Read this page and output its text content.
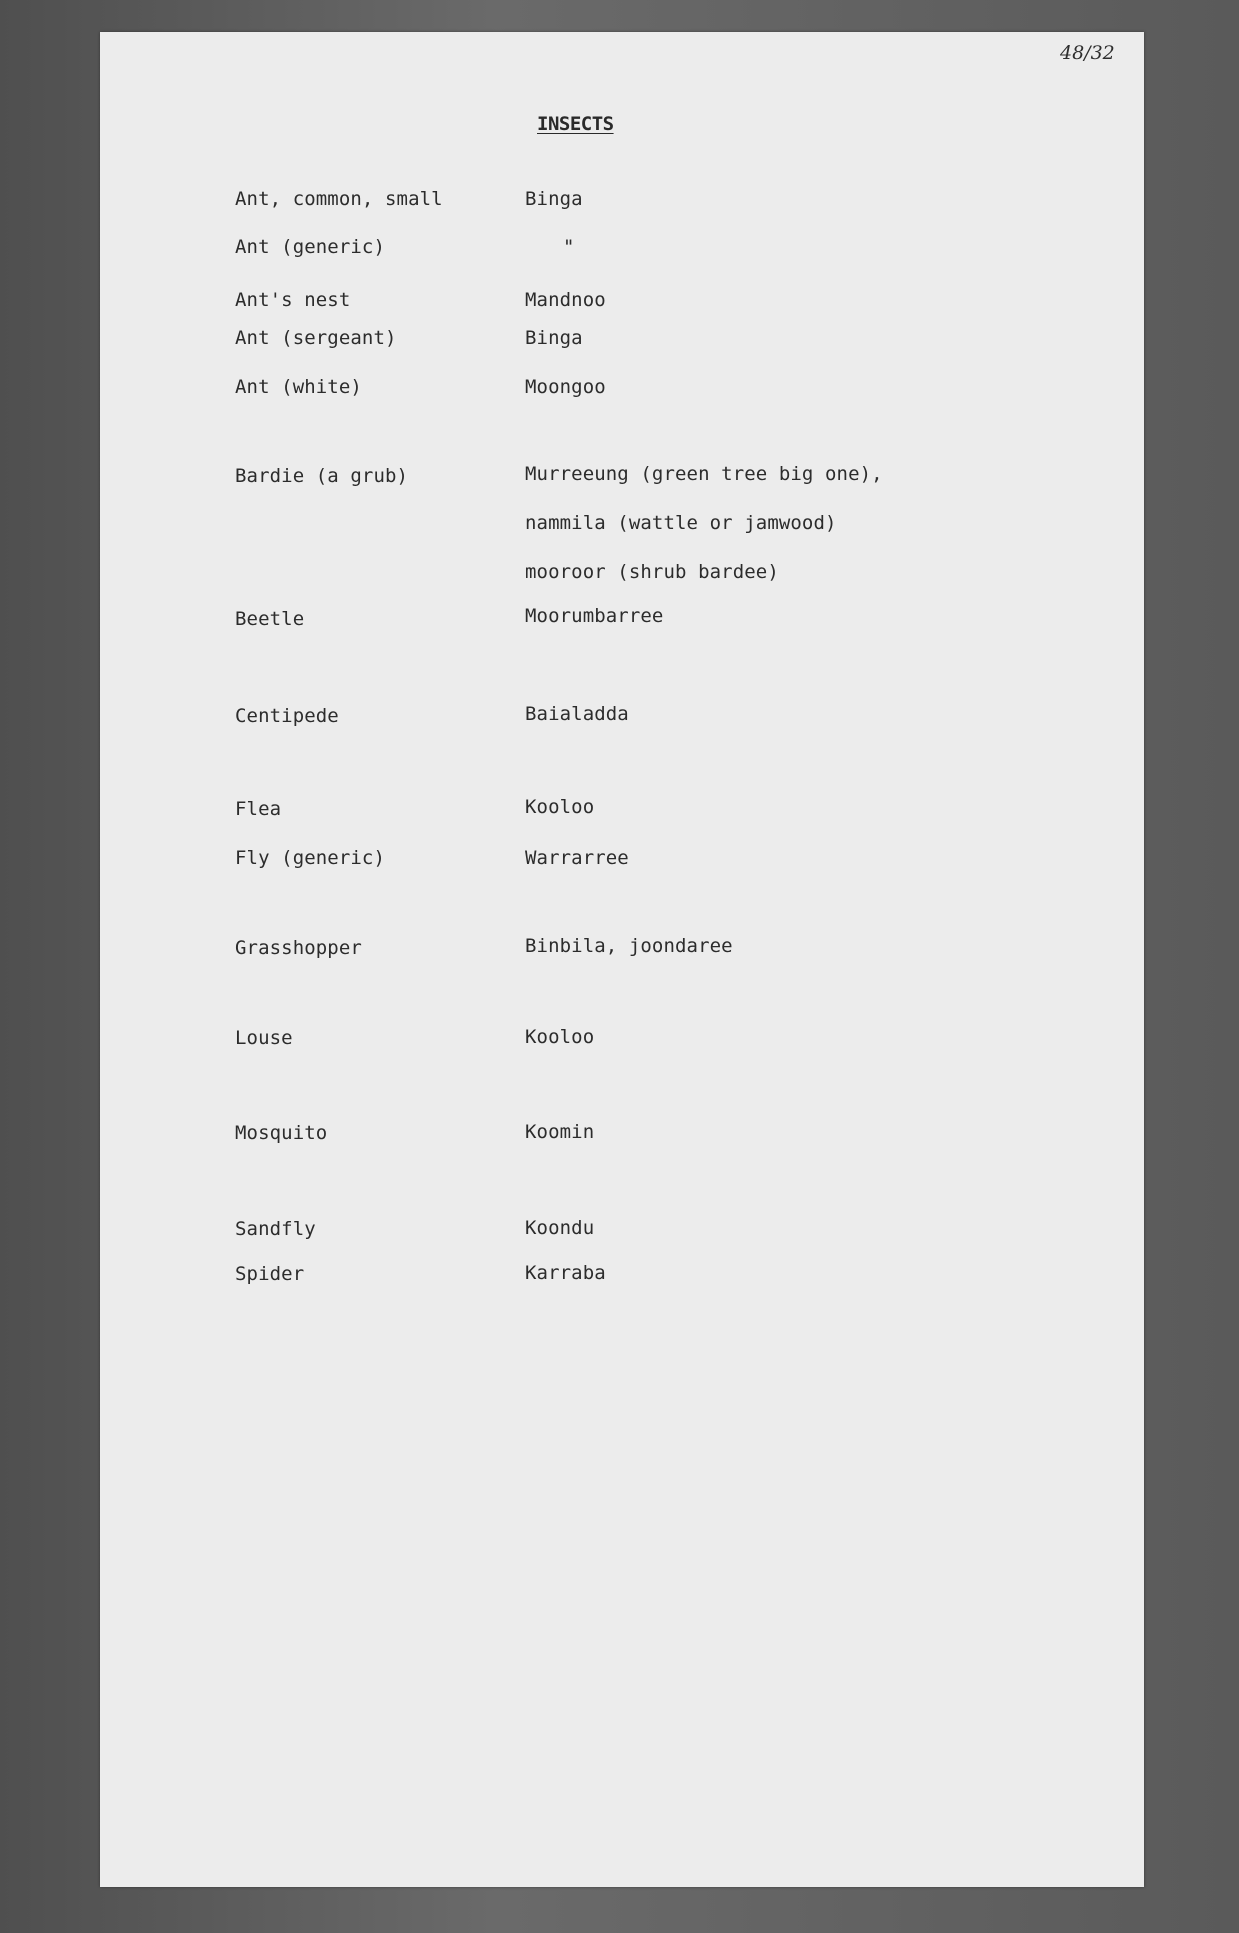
48/32
INSECTS
Ant, common, small	Binga
Ant (generic)	"
Ant's nest	Mandnoo
Ant (sergeant)	Binga
Ant (white)	Moongoo
Bardie (a grub)	Murreeung (green tree big one),
nammila (wattle or jamwood)
mooroor (shrub bardee)
Beetle	Moorumbarree
Centipede	Baialadda
Flea	Kooloo
Fly (generic)	Warrarree
Grasshopper	Binbila, joondaree
Louse	Kooloo
Mosquito	Koomin
Sandfly	Koondu
Spider	Karraba
